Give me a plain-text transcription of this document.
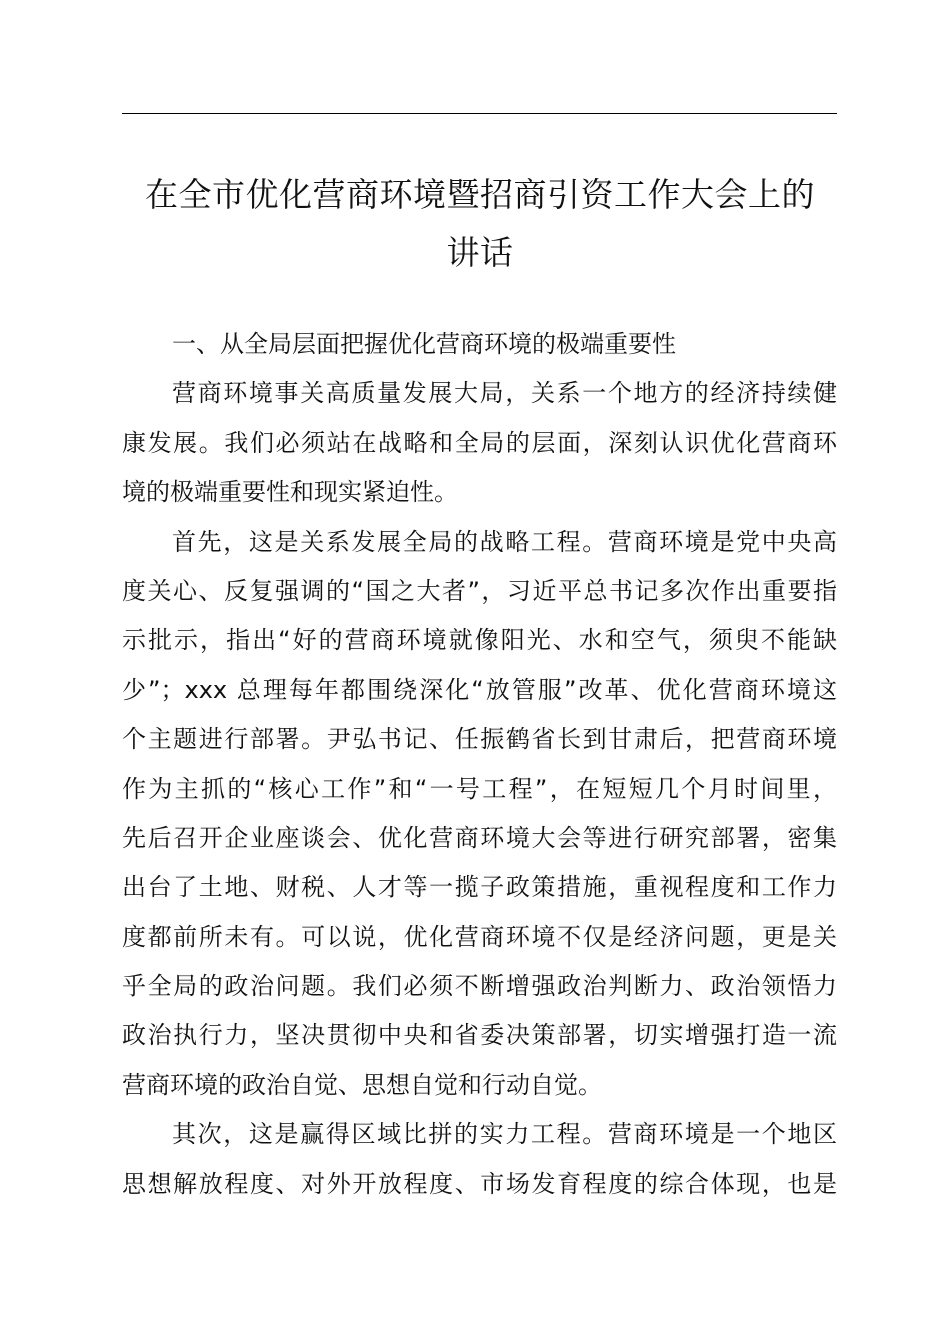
在全市优化营商环境暨招商引资工作大会上的
讲话
一、从全局层面把握优化营商环境的极端重要性
营商环境事关高质量发展大局，关系一个地方的经济持续健
康发展。我们必须站在战略和全局的层面，深刻认识优化营商环
境的极端重要性和现实紧迫性。
首先，这是关系发展全局的战略工程。营商环境是党中央高
度关心、反复强调的“国之大者”，习近平总书记多次作出重要指
示批示，指出“好的营商环境就像阳光、水和空气，须臾不能缺
少”；xxx 总理每年都围绕深化“放管服”改革、优化营商环境这
个主题进行部署。尹弘书记、任振鹤省长到甘肃后，把营商环境
作为主抓的“核心工作”和“一号工程”，在短短几个月时间里，
先后召开企业座谈会、优化营商环境大会等进行研究部署，密集
出台了土地、财税、人才等一揽子政策措施，重视程度和工作力
度都前所未有。可以说，优化营商环境不仅是经济问题，更是关
乎全局的政治问题。我们必须不断增强政治判断力、政治领悟力
政治执行力，坚决贯彻中央和省委决策部署，切实增强打造一流
营商环境的政治自觉、思想自觉和行动自觉。
其次，这是赢得区域比拼的实力工程。营商环境是一个地区
思想解放程度、对外开放程度、市场发育程度的综合体现，也是
